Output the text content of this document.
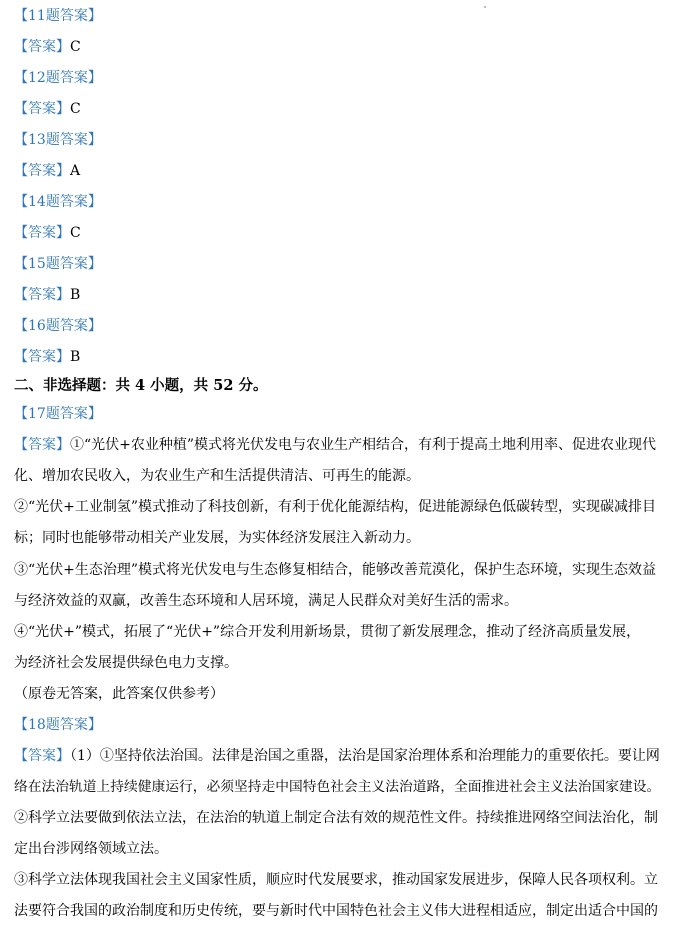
【11题答案】
【答案】C
【12题答案】
【答案】C
【13题答案】
【答案】A
【14题答案】
【答案】C
【15题答案】
【答案】B
【16题答案】
【答案】B
二、非选择题：共 4 小题，共 52 分。
【17题答案】
【答案】①“光伏+农业种植”模式将光伏发电与农业生产相结合，有利于提高土地利用率、促进农业现代
化、增加农民收入，为农业生产和生活提供清洁、可再生的能源。
②“光伏+工业制氢”模式推动了科技创新，有利于优化能源结构，促进能源绿色低碳转型，实现碳减排目
标；同时也能够带动相关产业发展，为实体经济发展注入新动力。
③“光伏+生态治理”模式将光伏发电与生态修复相结合，能够改善荒漠化，保护生态环境，实现生态效益
与经济效益的双赢，改善生态环境和人居环境，满足人民群众对美好生活的需求。
④“光伏+”模式，拓展了“光伏+”综合开发利用新场景，贯彻了新发展理念，推动了经济高质量发展，
为经济社会发展提供绿色电力支撑。
（原卷无答案，此答案仅供参考）
【18题答案】
【答案】（1）①坚持依法治国。法律是治国之重器，法治是国家治理体系和治理能力的重要依托。要让网
络在法治轨道上持续健康运行，必须坚持走中国特色社会主义法治道路，全面推进社会主义法治国家建设。
②科学立法要做到依法立法，在法治的轨道上制定合法有效的规范性文件。持续推进网络空间法治化，制
定出台涉网络领域立法。
③科学立法体现我国社会主义国家性质，顺应时代发展要求，推动国家发展进步，保障人民各项权利。立
法要符合我国的政治制度和历史传统，要与新时代中国特色社会主义伟大进程相适应，制定出适合中国的
